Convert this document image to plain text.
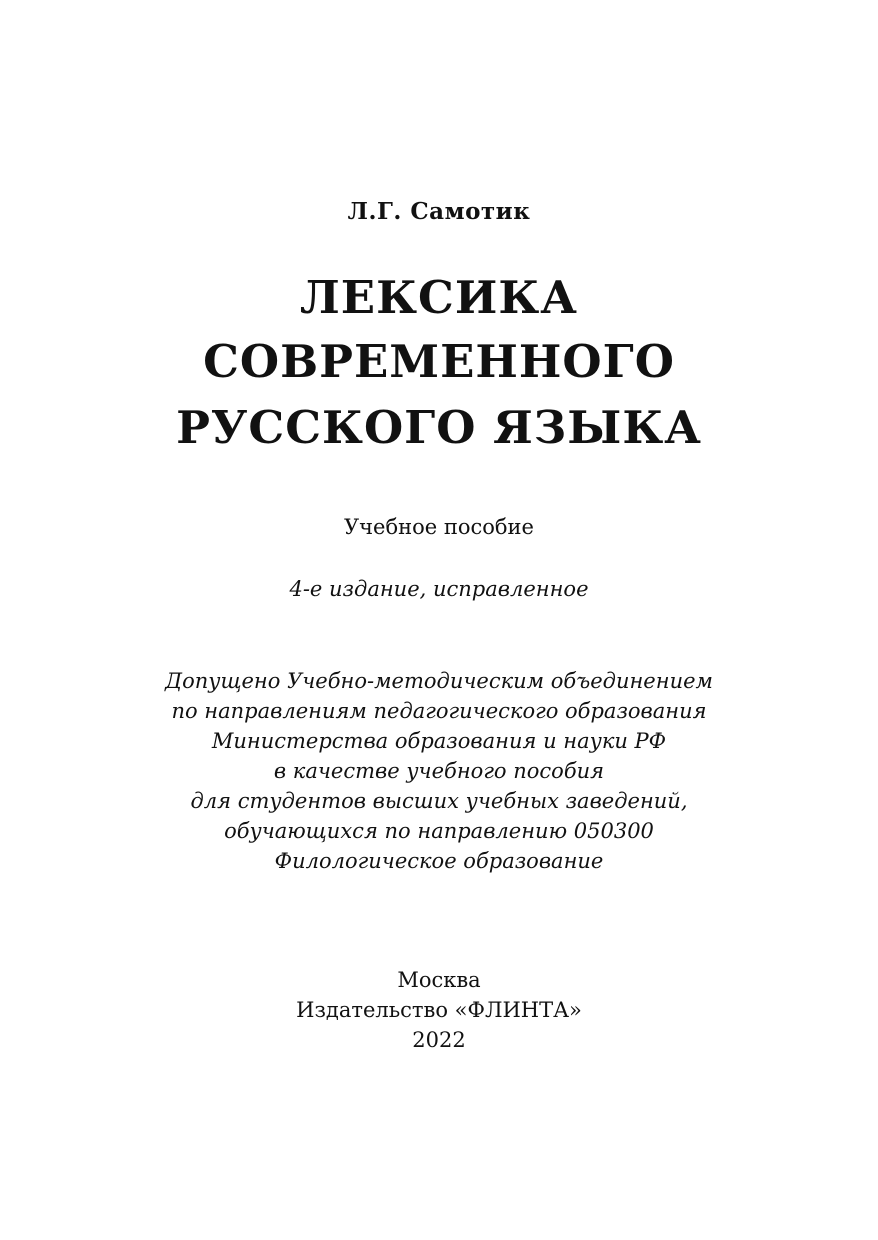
Л.Г. Самотик
ЛЕКСИКА
СОВРЕМЕННОГО
РУССКОГО ЯЗЫКА
Учебное пособие
4-е издание, исправленное
Допущено Учебно-методическим объединением
по направлениям педагогического образования
Министерства образования и науки РФ
в качестве учебного пособия
для студентов высших учебных заведений,
обучающихся по направлению 050300
Филологическое образование
Москва
Издательство «ФЛИНТА»
2022
